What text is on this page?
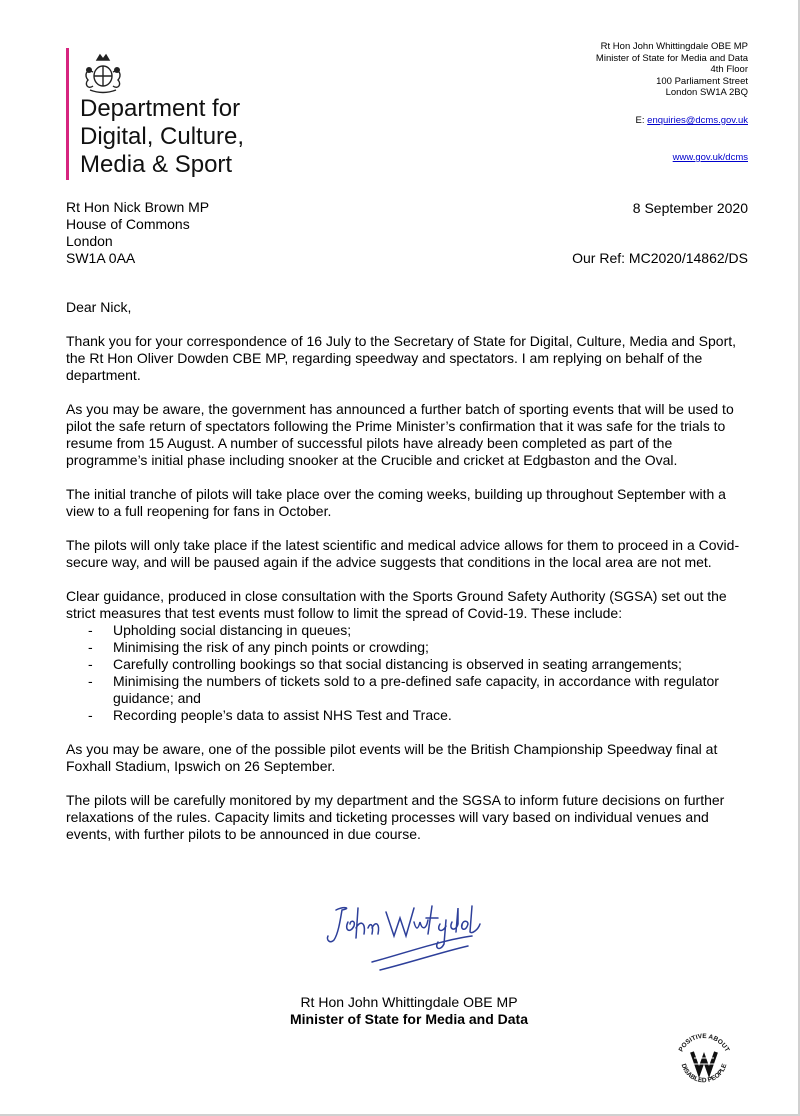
Department for
Digital, Culture,
Media & Sport
Rt Hon John Whittingdale OBE MP
Minister of State for Media and Data
4th Floor
100 Parliament Street
London SW1A 2BQ
E: enquiries@dcms.gov.uk
www.gov.uk/dcms
Rt Hon Nick Brown MP
House of Commons
London
SW1A 0AA
8 September 2020
Our Ref: MC2020/14862/DS
Dear Nick,

Thank you for your correspondence of 16 July to the Secretary of State for Digital, Culture, Media and Sport, the Rt Hon Oliver Dowden CBE MP, regarding speedway and spectators. I am replying on behalf of the department.

As you may be aware, the government has announced a further batch of sporting events that will be used to pilot the safe return of spectators following the Prime Minister’s confirmation that it was safe for the trials to resume from 15 August. A number of successful pilots have already been completed as part of the programme’s initial phase including snooker at the Crucible and cricket at Edgbaston and the Oval.

The initial tranche of pilots will take place over the coming weeks, building up throughout September with a view to a full reopening for fans in October.

The pilots will only take place if the latest scientific and medical advice allows for them to proceed in a Covid-secure way, and will be paused again if the advice suggests that conditions in the local area are not met.

Clear guidance, produced in close consultation with the Sports Ground Safety Authority (SGSA) set out the strict measures that test events must follow to limit the spread of Covid-19. These include:

- Upholding social distancing in queues;
- Minimising the risk of any pinch points or crowding;
- Carefully controlling bookings so that social distancing is observed in seating arrangements;
- Minimising the numbers of tickets sold to a pre-defined safe capacity, in accordance with regulator guidance; and
- Recording people’s data to assist NHS Test and Trace.

As you may be aware, one of the possible pilot events will be the British Championship Speedway final at Foxhall Stadium, Ipswich on 26 September.

The pilots will be carefully monitored by my department and the SGSA to inform future decisions on further relaxations of the rules. Capacity limits and ticketing processes will vary based on individual venues and events, with further pilots to be announced in due course.

Rt Hon John Whittingdale OBE MP
Minister of State for Media and Data
POSITIVE ABOUT
DISABLED PEOPLE
